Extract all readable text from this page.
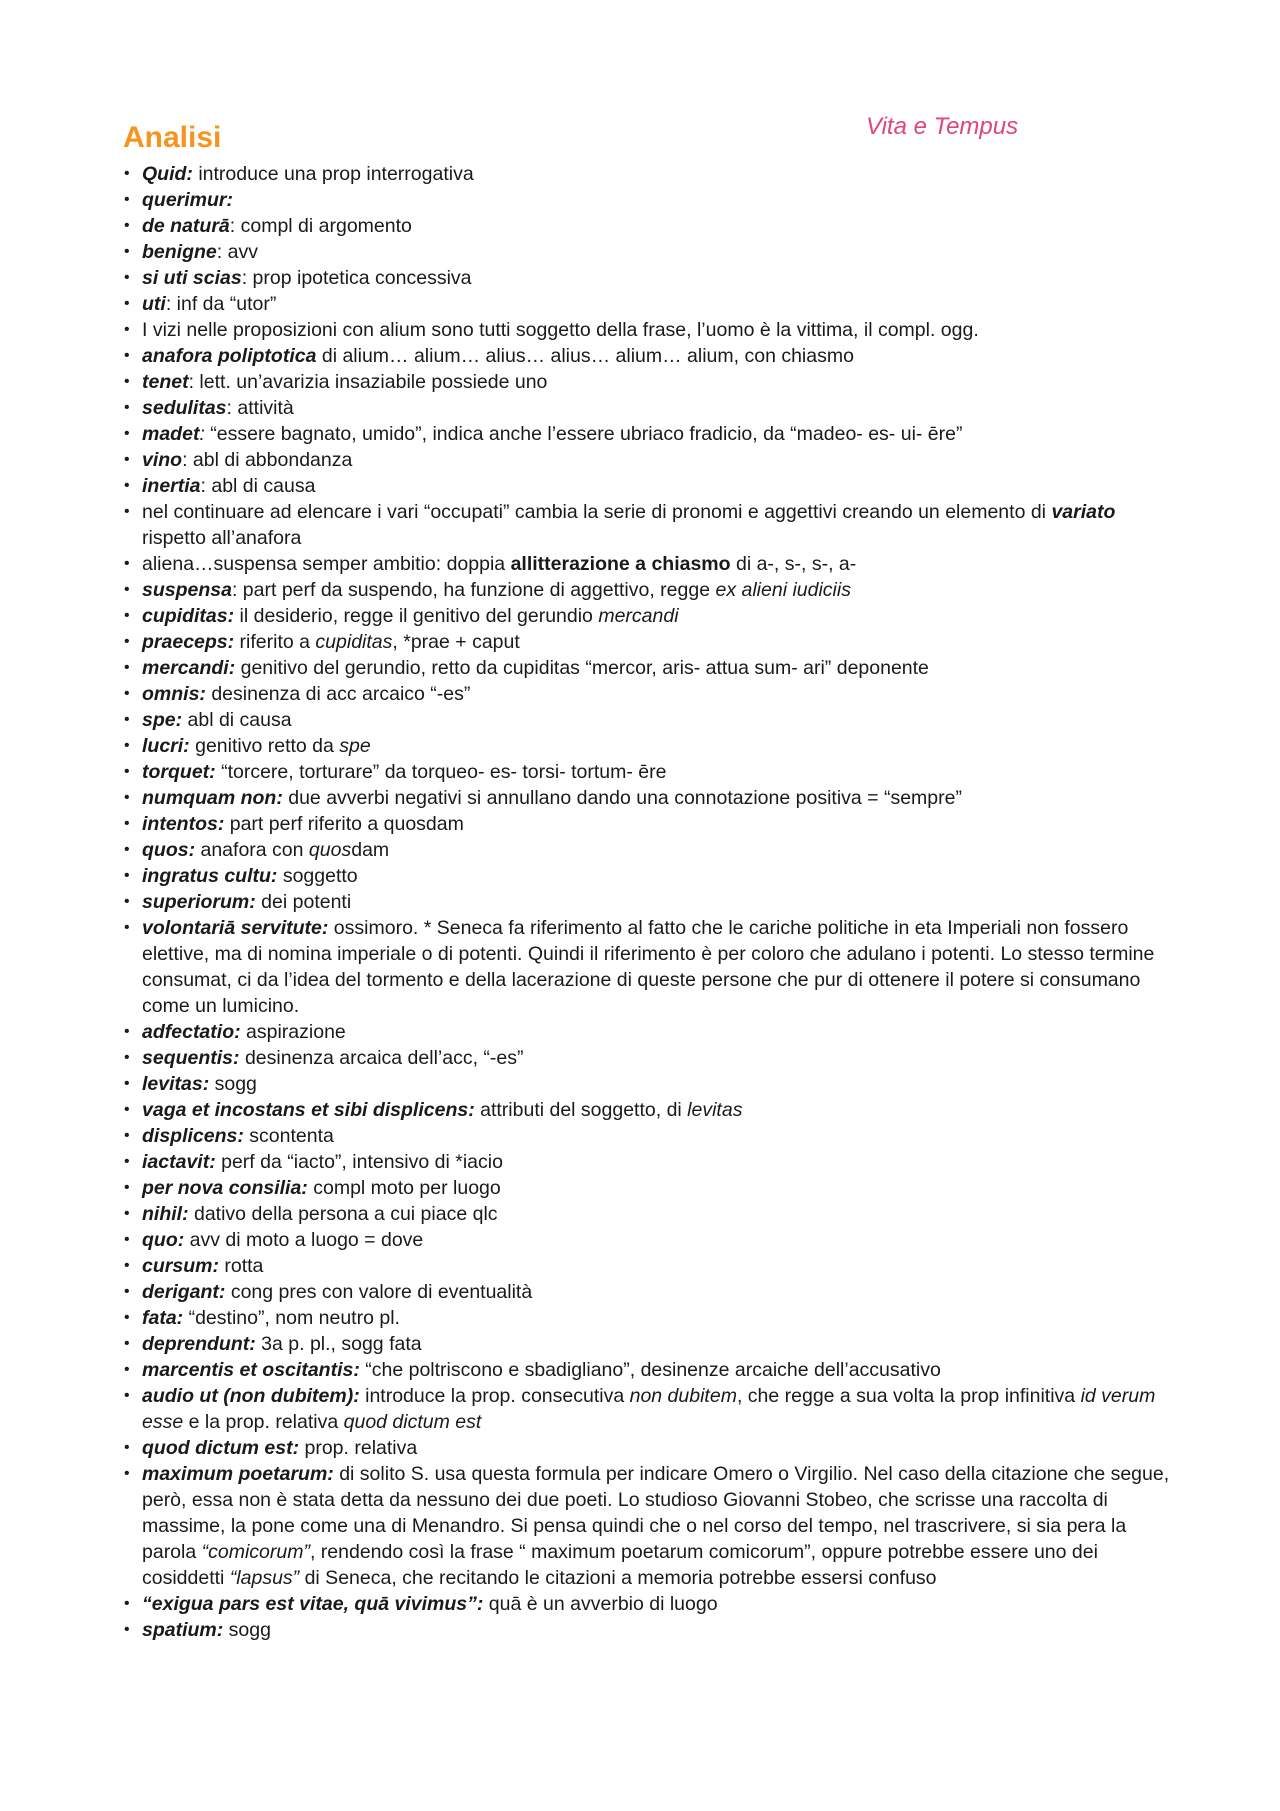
Analisi	Vita e Tempus
• Quid: introduce una prop interrogativa
• querimur:
• de naturā: compl di argomento
• benigne: avv
• si uti scias: prop ipotetica concessiva
• uti: inf da “utor”
• I vizi nelle proposizioni con alium sono tutti soggetto della frase, l’uomo è la vittima, il compl. ogg.
• anafora poliptotica di alium… alium… alius… alius… alium… alium, con chiasmo
• tenet: lett. un’avarizia insaziabile possiede uno
• sedulitas: attività
• madet: “essere bagnato, umido”, indica anche l’essere ubriaco fradicio, da “madeo- es- ui- ēre”
• vino: abl di abbondanza
• inertia: abl di causa
• nel continuare ad elencare i vari “occupati” cambia la serie di pronomi e aggettivi creando un elemento di variato rispetto all’anafora
• aliena…suspensa semper ambitio: doppia allitterazione a chiasmo di a-, s-, s-, a-
• suspensa: part perf da suspendo, ha funzione di aggettivo, regge ex alieni iudiciis
• cupiditas: il desiderio, regge il genitivo del gerundio mercandi
• praeceps: riferito a cupiditas, *prae + caput
• mercandi: genitivo del gerundio, retto da cupiditas “mercor, aris- attua sum- ari” deponente
• omnis: desinenza di acc arcaico “-es”
• spe: abl di causa
• lucri: genitivo retto da spe
• torquet: “torcere, torturare” da torqueo- es- torsi- tortum- ēre
• numquam non: due avverbi negativi si annullano dando una connotazione positiva = “sempre”
• intentos: part perf riferito a quosdam
• quos: anafora con quosdam
• ingratus cultu: soggetto
• superiorum: dei potenti
• volontariā servitute: ossimoro. * Seneca fa riferimento al fatto che le cariche politiche in eta Imperiali non fossero elettive, ma di nomina imperiale o di potenti. Quindi il riferimento è per coloro che adulano i potenti. Lo stesso termine consumat, ci da l’idea del tormento e della lacerazione di queste persone che pur di ottenere il potere si consumano come un lumicino.
• adfectatio: aspirazione
• sequentis: desinenza arcaica dell’acc, “-es”
• levitas: sogg
• vaga et incostans et sibi displicens: attributi del soggetto, di levitas
• displicens: scontenta
• iactavit: perf da “iacto”, intensivo di *iacio
• per nova consilia: compl moto per luogo
• nihil: dativo della persona a cui piace qlc
• quo: avv di moto a luogo = dove
• cursum: rotta
• derigant: cong pres con valore di eventualità
• fata: “destino”, nom neutro pl.
• deprendunt: 3a p. pl., sogg fata
• marcentis et oscitantis: “che poltriscono e sbadigliano”, desinenze arcaiche dell’accusativo
• audio ut (non dubitem): introduce la prop. consecutiva non dubitem, che regge a sua volta la prop infinitiva id verum esse e la prop. relativa quod dictum est
• quod dictum est: prop. relativa
• maximum poetarum: di solito S. usa questa formula per indicare Omero o Virgilio. Nel caso della citazione che segue, però, essa non è stata detta da nessuno dei due poeti. Lo studioso Giovanni Stobeo, che scrisse una raccolta di massime, la pone come una di Menandro. Si pensa quindi che o nel corso del tempo, nel trascrivere, si sia pera la parola “comicorum”, rendendo così la frase “ maximum poetarum comicorum”, oppure potrebbe essere uno dei cosiddetti “lapsus” di Seneca, che recitando le citazioni a memoria potrebbe essersi confuso
• “exigua pars est vitae, quā vivimus”: quā è un avverbio di luogo
• spatium: sogg
